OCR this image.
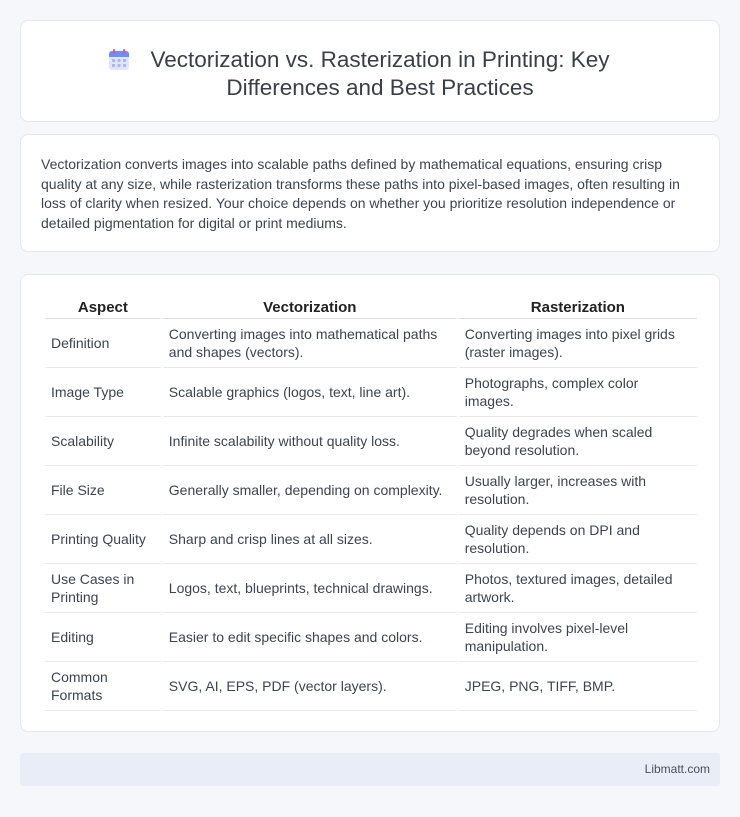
Vectorization vs. Rasterization in Printing: Key Differences and Best Practices

Vectorization converts images into scalable paths defined by mathematical equations, ensuring crisp quality at any size, while rasterization transforms these paths into pixel-based images, often resulting in loss of clarity when resized. Your choice depends on whether you prioritize resolution independence or detailed pigmentation for digital or print mediums.

Aspect	Vectorization	Rasterization
Definition	Converting images into mathematical paths and shapes (vectors).	Converting images into pixel grids (raster images).
Image Type	Scalable graphics (logos, text, line art).	Photographs, complex color images.
Scalability	Infinite scalability without quality loss.	Quality degrades when scaled beyond resolution.
File Size	Generally smaller, depending on complexity.	Usually larger, increases with resolution.
Printing Quality	Sharp and crisp lines at all sizes.	Quality depends on DPI and resolution.
Use Cases in Printing	Logos, text, blueprints, technical drawings.	Photos, textured images, detailed artwork.
Editing	Easier to edit specific shapes and colors.	Editing involves pixel-level manipulation.
Common Formats	SVG, AI, EPS, PDF (vector layers).	JPEG, PNG, TIFF, BMP.
Libmatt.com
